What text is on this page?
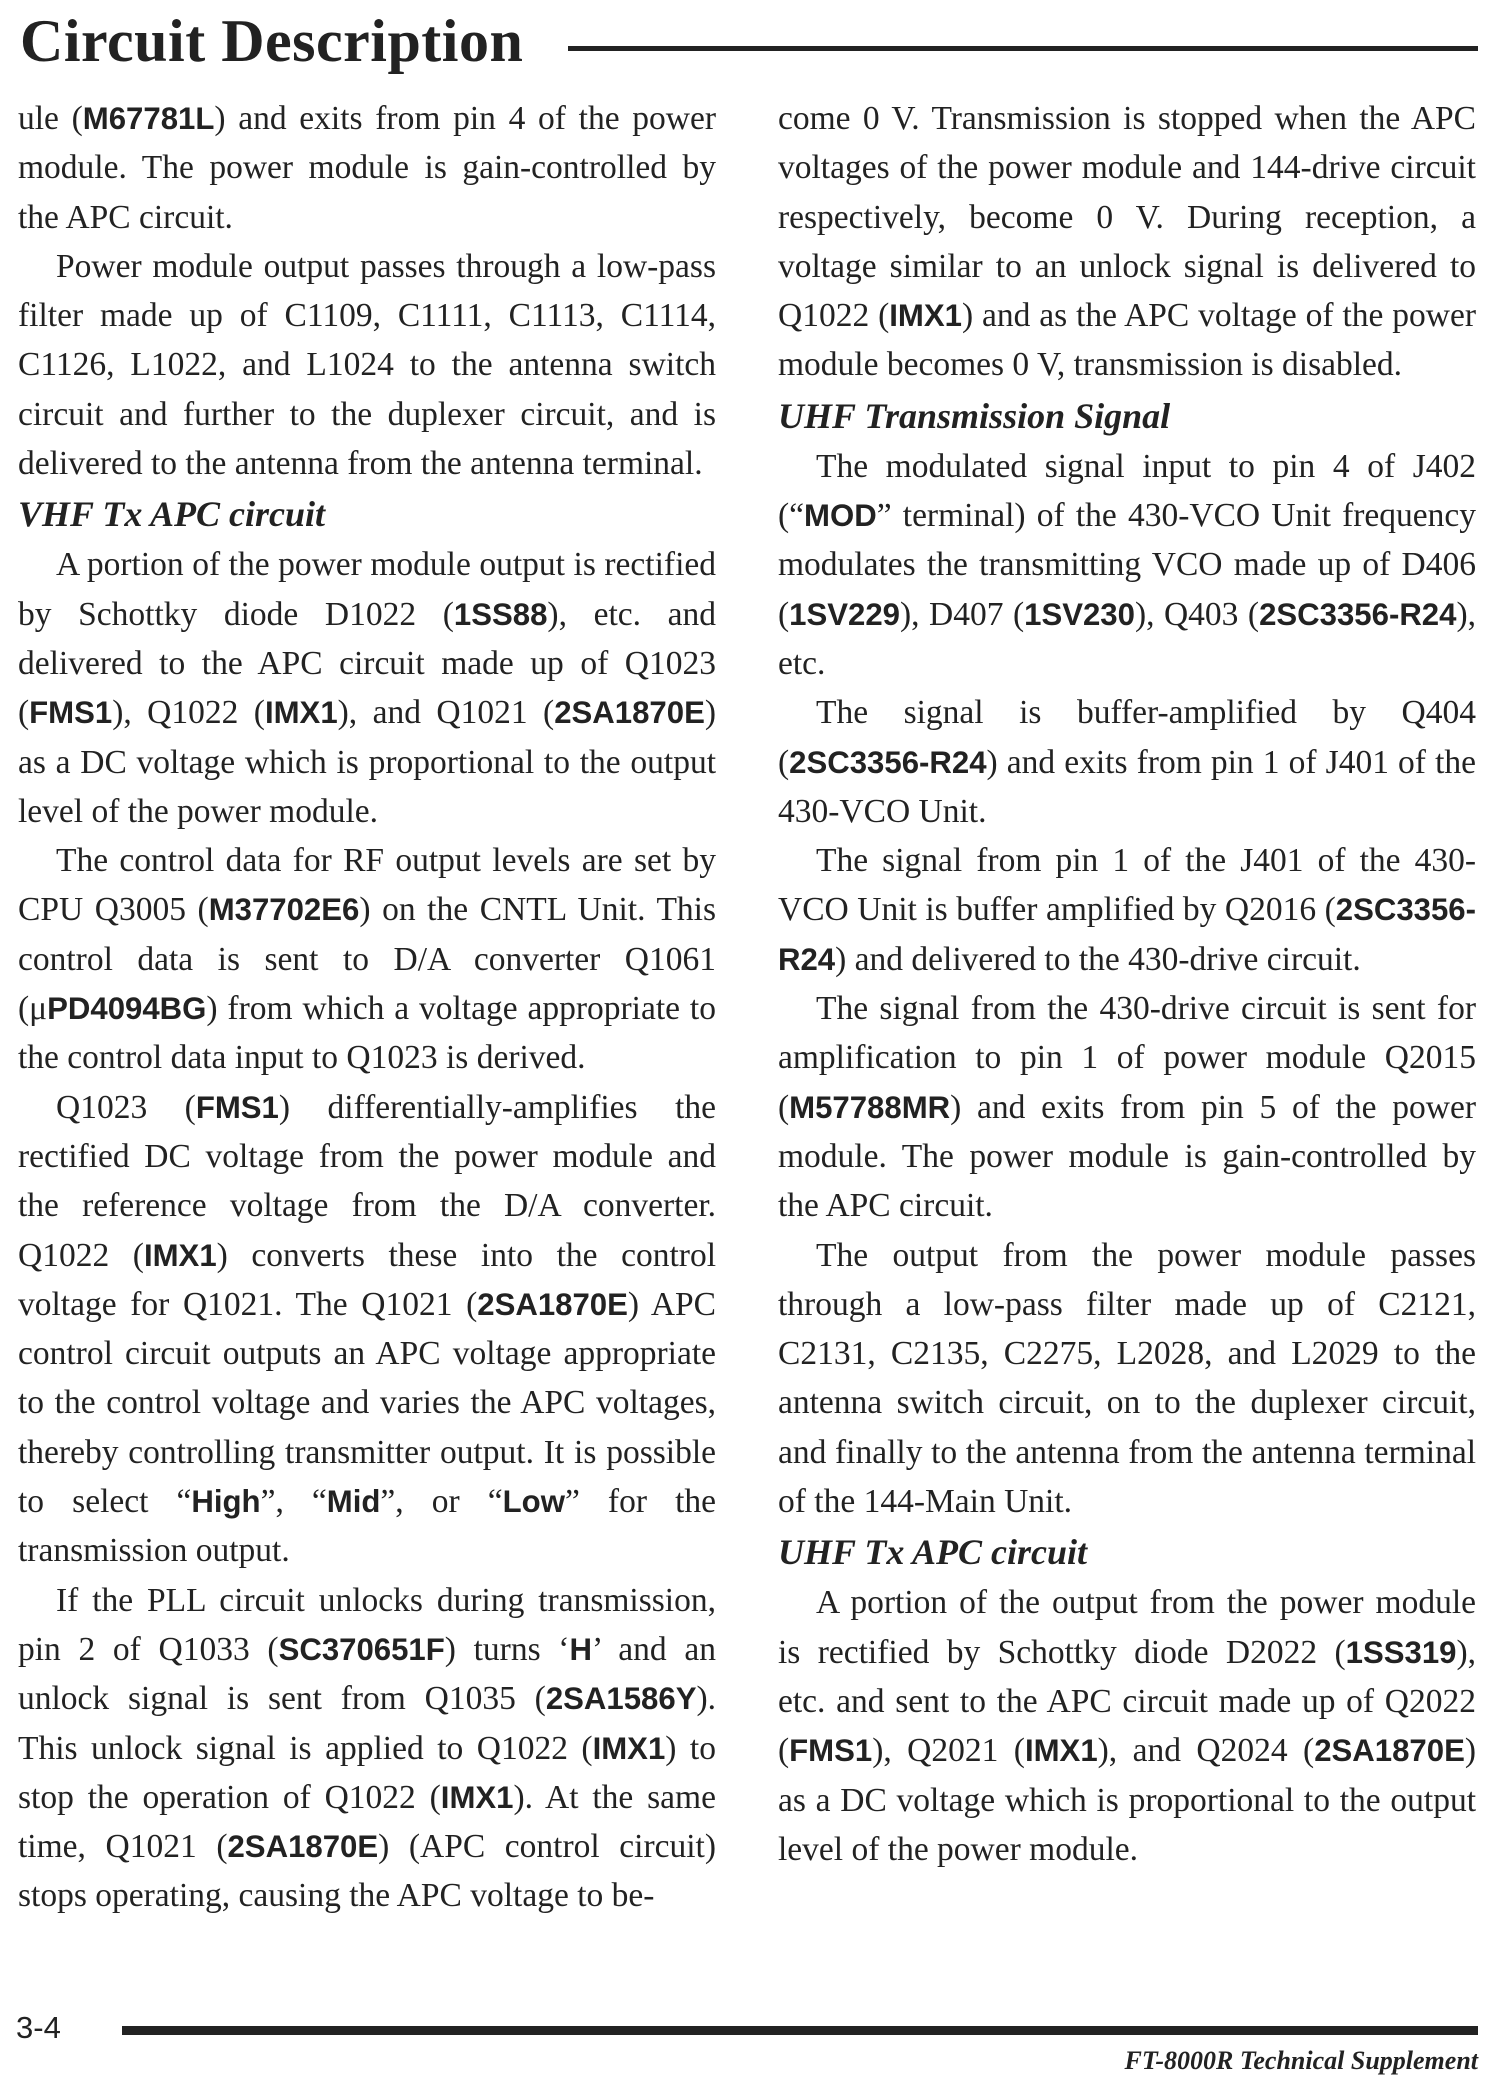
Circuit Description

ule (M67781L) and exits from pin 4 of the power module. The power module is gain-controlled by the APC circuit.

Power module output passes through a low-pass filter made up of C1109, C1111, C1113, C1114, C1126, L1022, and L1024 to the antenna switch circuit and further to the duplexer circuit, and is delivered to the antenna from the antenna terminal.

VHF Tx APC circuit

A portion of the power module output is rectified by Schottky diode D1022 (1SS88), etc. and delivered to the APC circuit made up of Q1023 (FMS1), Q1022 (IMX1), and Q1021 (2SA1870E) as a DC voltage which is proportional to the output level of the power module.

The control data for RF output levels are set by CPU Q3005 (M37702E6) on the CNTL Unit. This control data is sent to D/A converter Q1061 (μPD4094BG) from which a voltage appropriate to the control data input to Q1023 is derived.

Q1023 (FMS1) differentially-amplifies the rectified DC voltage from the power module and the reference voltage from the D/A converter. Q1022 (IMX1) converts these into the control voltage for Q1021. The Q1021 (2SA1870E) APC control circuit outputs an APC voltage appropriate to the control voltage and varies the APC voltages, thereby controlling transmitter output. It is possible to select “High”, “Mid”, or “Low” for the transmission output.

If the PLL circuit unlocks during transmission, pin 2 of Q1033 (SC370651F) turns ‘H’ and an unlock signal is sent from Q1035 (2SA1586Y). This unlock signal is applied to Q1022 (IMX1) to stop the operation of Q1022 (IMX1). At the same time, Q1021 (2SA1870E) (APC control circuit) stops operating, causing the APC voltage to be-

come 0 V. Transmission is stopped when the APC voltages of the power module and 144-drive circuit respectively, become 0 V. During reception, a voltage similar to an unlock signal is delivered to Q1022 (IMX1) and as the APC voltage of the power module becomes 0 V, transmission is disabled.

UHF Transmission Signal

The modulated signal input to pin 4 of J402 (“MOD” terminal) of the 430-VCO Unit frequency modulates the transmitting VCO made up of D406 (1SV229), D407 (1SV230), Q403 (2SC3356-R24), etc.

The signal is buffer-amplified by Q404 (2SC3356-R24) and exits from pin 1 of J401 of the 430-VCO Unit.

The signal from pin 1 of the J401 of the 430-VCO Unit is buffer amplified by Q2016 (2SC3356-R24) and delivered to the 430-drive circuit.

The signal from the 430-drive circuit is sent for amplification to pin 1 of power module Q2015 (M57788MR) and exits from pin 5 of the power module. The power module is gain-controlled by the APC circuit.

The output from the power module passes through a low-pass filter made up of C2121, C2131, C2135, C2275, L2028, and L2029 to the antenna switch circuit, on to the duplexer circuit, and finally to the antenna from the antenna terminal of the 144-Main Unit.

UHF Tx APC circuit

A portion of the output from the power module is rectified by Schottky diode D2022 (1SS319), etc. and sent to the APC circuit made up of Q2022 (FMS1), Q2021 (IMX1), and Q2024 (2SA1870E) as a DC voltage which is proportional to the output level of the power module.

3-4
FT-8000R Technical Supplement
